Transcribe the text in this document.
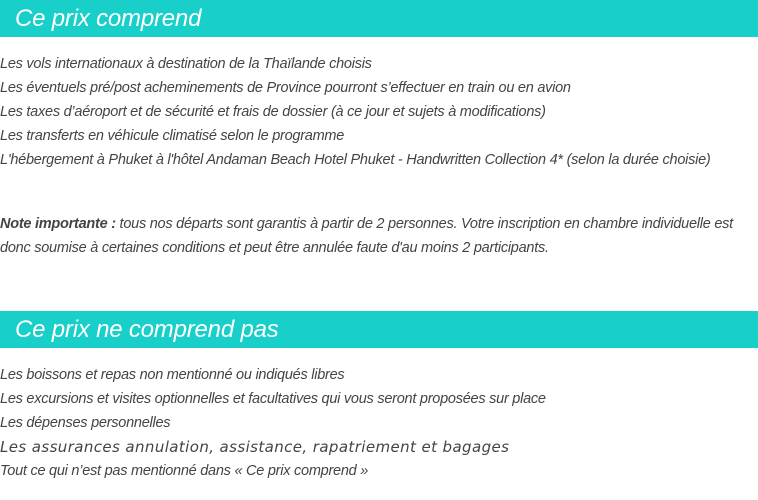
Ce prix comprend
Les vols internationaux à destination de la Thaïlande choisis
Les éventuels pré/post acheminements de Province pourront s’effectuer en train ou en avion
Les taxes d’aéroport et de sécurité et frais de dossier (à ce jour et sujets à modifications)
Les transferts en véhicule climatisé selon le programme
L'hébergement à Phuket à l'hôtel Andaman Beach Hotel Phuket - Handwritten Collection 4* (selon la durée choisie)

Note importante : tous nos départs sont garantis à partir de 2 personnes. Votre inscription en chambre individuelle est donc soumise à certaines conditions et peut être annulée faute d'au moins 2 participants.

Ce prix ne comprend pas
Les boissons et repas non mentionné ou indiqués libres
Les excursions et visites optionnelles et facultatives qui vous seront proposées sur place
Les dépenses personnelles
Les assurances annulation, assistance, rapatriement et bagages
Tout ce qui n’est pas mentionné dans « Ce prix comprend »
